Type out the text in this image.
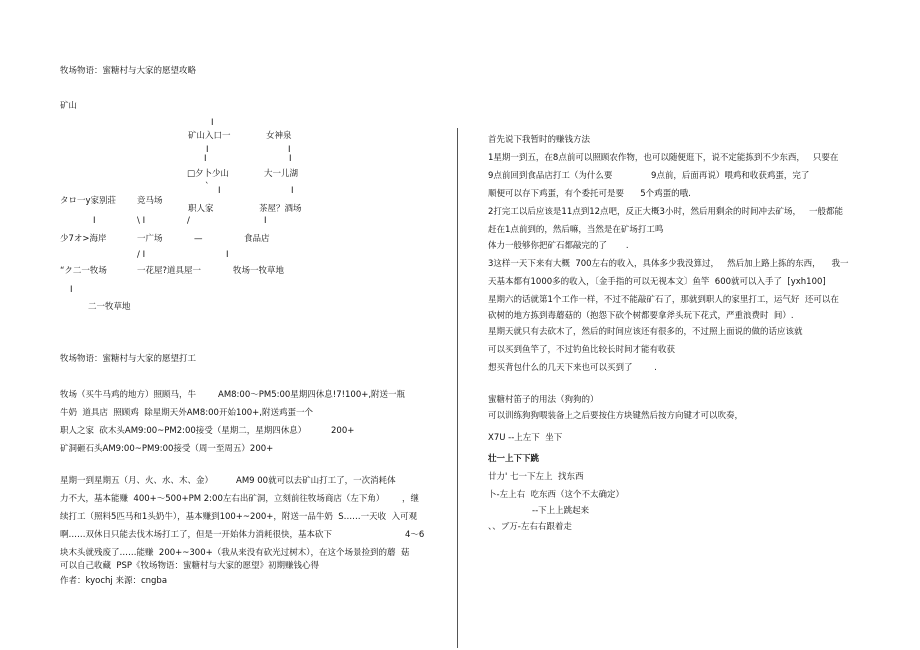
牧场物语：蜜糖村与大家的愿望攻略
矿山
I
矿山入口一	女神泉
I	I
I	I
□夕卜少山	大一儿湖
` I	I
タロ一y家别莊 竞马场
职人家	茶屋？酒场
I	\ I	/	I
少7オ>海岸	一广场	—	食品店
/ I	I
“ク二一牧场	一花屋?道具屋一	牧场一牧草地
I
二一牧草地
牧场物语：蜜糖村与大家的愿望打工
牧场（买牛马鸡的地方）照顾马，牛	AM8:00～PM5:00星期四休息!7!100+,附送一瓶
牛奶  道具店  照顾鸡  除星期天外AM8:00开始100+,附送鸡蛋一个
职人之家  砍木头AM9:00~PM2:00接受（星期二，星期四休息）	200+
矿洞砸石头AM9:00~PM9:00接受（周一至周五）200+
星期一到星期五（月、火、水、木、金）	AM9 00就可以去矿山打工了，一次消耗体
力不大，基本能赚  400+～500+PM 2:00左右出矿洞，立刻前往牧场商店（左下角） ，继
续打工（照料5匹马和1头奶牛），基本赚到100+~200+，附送一品牛奶  S……一天收  入可观
啊……双休日只能去伐木场打工了，但是一开始体力消耗很快，基本砍下	4～6
块木头就残废了……能赚  200+~300+（我从来没有砍光过树木），在这个场景捡到的蘑  菇
可以自己收藏  PSP《牧场物语：蜜糖村与大家的愿望》初期赚钱心得
作者：kyochj 来源：cngba
首先说下我暂时的赚钱方法
1星期一到五，在8点前可以照顾农作物，也可以随便逛下，说不定能拣到不少东西，   只要在
9点前回到食品店打工（为什么要	9点前，后面再说）喂鸡和收获鸡蛋，完了
顺便可以存下鸡蛋，有个委托可是要      5个鸡蛋的哦.
2打完工以后应该是11点到12点吧，反正大概3小时，然后用剩余的时间冲去矿场，   一般都能
赶在1点前到的，然后嘛，当然是在矿场打工鸣
体力一般够你把矿石都敲完的了       .
3这样一天下来有大概  700左右的收入，具体多少我没算过，   然后加上路上拣的东西，    我一
天基本都有1000多的收入，〔金手指的可以无视本文〕鱼竿  600就可以入手了  [yxh100]
星期六的话就第1个工作一样，不过不能敲矿石了，那就到职人的家里打工，运气好  还可以在
砍树的地方拣到毒蘑菇的（抱怨下砍个树都要拿斧头玩下花式，严重浪费时  间）.
星期天就只有去砍木了，然后的时间应该还有很多的，不过照上面说的做的话应该就
可以买到鱼竿了，不过钓鱼比较长时间才能有收获
想买背包什么的几天下来也可以买到了        .
蜜糖村笛子的用法（狗狗的）
可以训练狗狗喂装备上之后要按住方块键然后按方向键才可以吹奏，
X7U --上左下  坐下
壮一上下下跳
廿力' 七一下左上  找东西
卜-左上右  吃东西（这个不太确定）
--下上上跳起来
、、ブ万-左右右跟着走
